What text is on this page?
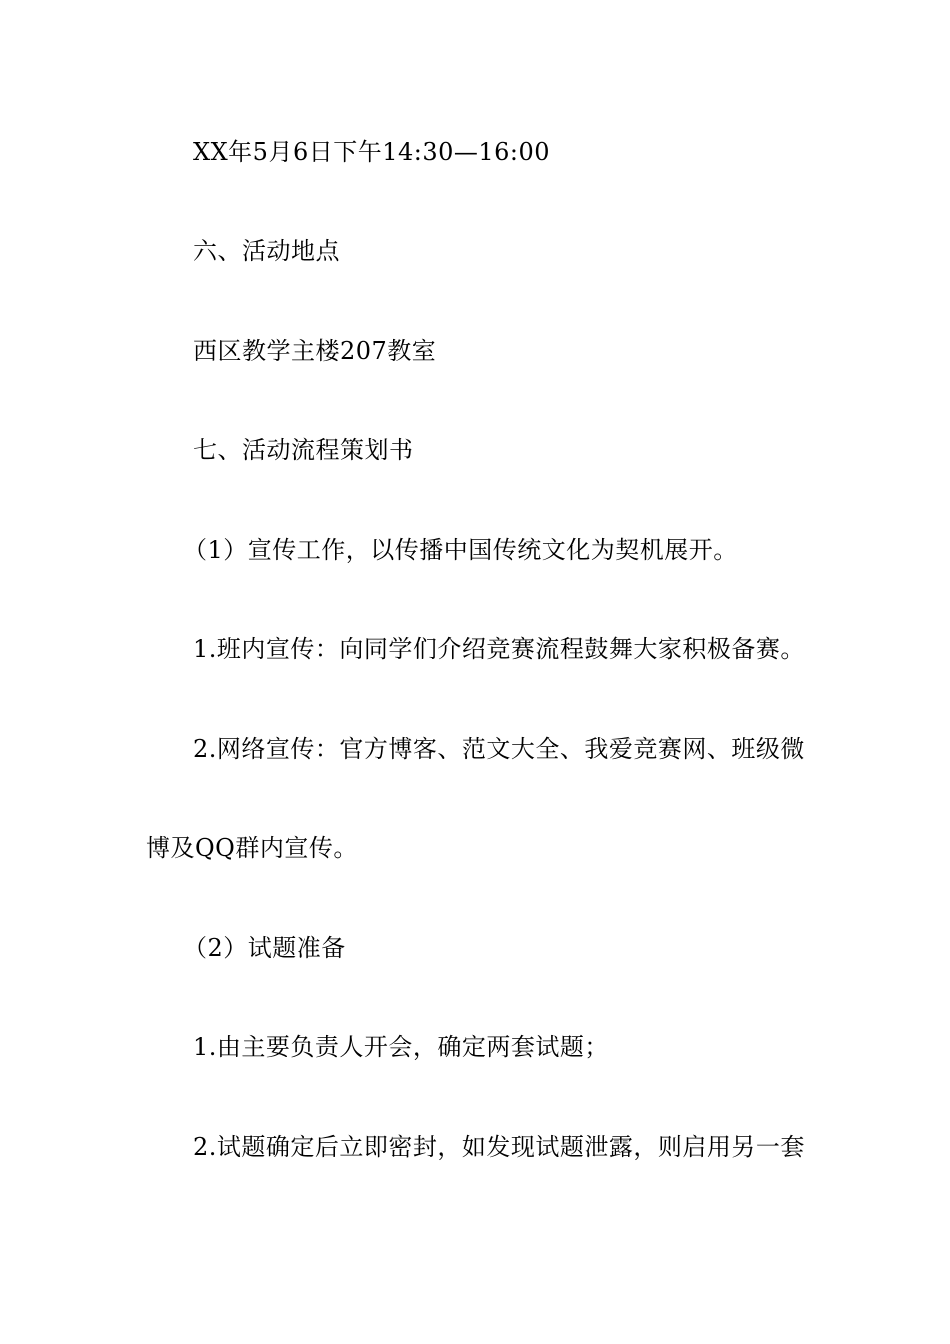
XX年5月6日下午14:30—16:00
六、活动地点
西区教学主楼207教室
七、活动流程策划书
（1）宣传工作，以传播中国传统文化为契机展开。
1.班内宣传：向同学们介绍竞赛流程鼓舞大家积极备赛。
2.网络宣传：官方博客、范文大全、我爱竞赛网、班级微
博及QQ群内宣传。
（2）试题准备
1.由主要负责人开会，确定两套试题；
2.试题确定后立即密封，如发现试题泄露，则启用另一套
